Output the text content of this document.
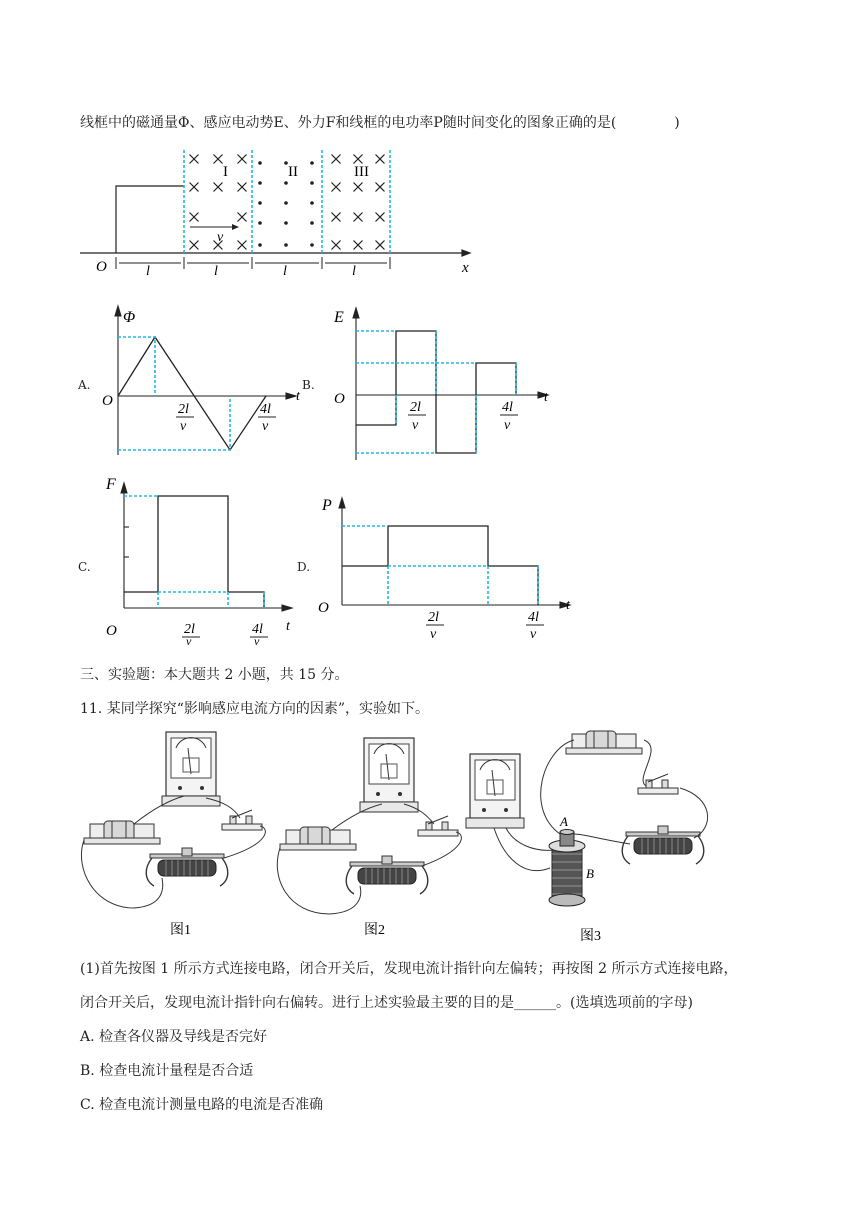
线框中的磁通量Φ、感应电动势E、外力F和线框的电功率P随时间变化的图象正确的是(	)
I	II	III
v
O	x
l	l	l	l
A.
Φ
O	t
2l
v
4l
v
B.
E
O	t
2l
v
4l
v
C.
F
O	t
2l
v
4l
v
D.
P
O	t
2l
v
4l
v
三、实验题：本大题共 2 小题，共 15 分。
11. 某同学探究“影响感应电流方向的因素”，实验如下。
图1	图2
A
B
图3
(1)首先按图 1 所示方式连接电路，闭合开关后，发现电流计指针向左偏转；再按图 2 所示方式连接电路，
闭合开关后，发现电流计指针向右偏转。进行上述实验最主要的目的是______。(选填选项前的字母)
A. 检查各仪器及导线是否完好
B. 检查电流计量程是否合适
C. 检查电流计测量电路的电流是否准确
